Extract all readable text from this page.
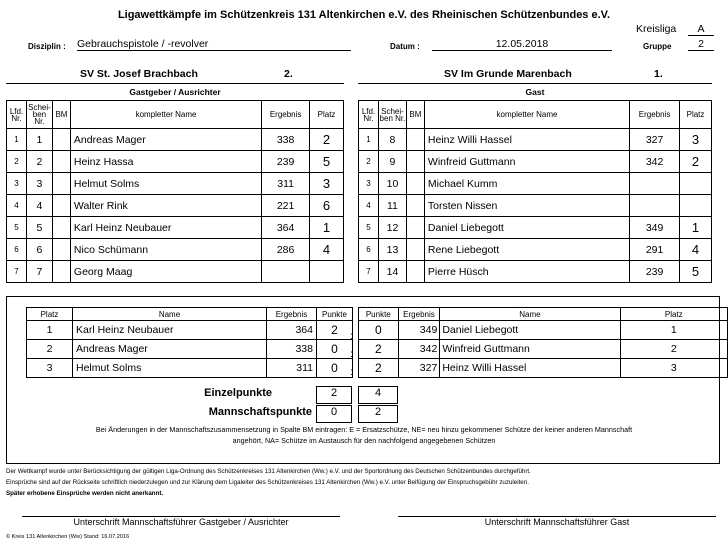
Ligawettkämpfe im Schützenkreis 131 Altenkirchen e.V. des Rheinischen Schützenbundes e.V.
Kreisliga	A
Disziplin : Gebrauchspistole / -revolver	Datum :	12.05.2018	Gruppe	2
SV St. Josef Brachbach	2.
Gastgeber / Ausrichter
SV Im Grunde Marenbach	1.
Gast
Lfd. Nr.	Schei-ben Nr.	BM	kompletter Name	Ergebnis	Platz
1	1		Andreas Mager	338	2
2	2		Heinz Hassa	239	5
3	3		Helmut Solms	311	3
4	4		Walter Rink	221	6
5	5		Karl Heinz Neubauer	364	1
6	6		Nico Schümann	286	4
7	7		Georg Maag		
Lfd. Nr.	Schei-ben Nr.	BM	kompletter Name	Ergebnis	Platz
1	8		Heinz Willi Hassel	327	3
2	9		Winfreid Guttmann	342	2
3	10		Michael Kumm		
4	11		Torsten Nissen		
5	12		Daniel Liebegott	349	1
6	13		Rene Liebegott	291	4
7	14		Pierre Hüsch	239	5
Platz	Name	Ergebnis	Punkte
1	Karl Heinz Neubauer	364	2
2	Andreas Mager	338	0
3	Helmut Solms	311	0
Punkte	Ergebnis	Name	Platz
0	349	Daniel Liebegott	1
2	342	Winfreid Guttmann	2
2	327	Heinz Willi Hassel	3
:
:
:
:
:
Einzelpunkte	2	4
Mannschaftspunkte	0	2
Bei Änderungen in der Mannschaftszusammensetzung in Spalte BM eintragen: E = Ersatzschütze, NE= neu hinzu gekommener Schütze der keiner anderen Mannschaft
angehört, NA= Schütze im Austausch für den nachfolgend angegebenen Schützen
Der Wettkampf wurde unter Berücksichtigung der gültigen Liga-Ordnung des Schützenkreises 131 Altenkirchen (Ww.) e.V. und der Sportordnung des Deutschen Schützenbundes durchgeführt.
Einsprüche sind auf der Rückseite schriftlich niederzulegen und zur Klärung dem Ligaleiter des Schützenkreises 131 Altenkirchen (Ww.) e.V. unter Beifügung der Einspruchsgebühr zuzuleiten.
Später erhobene Einsprüche werden nicht anerkannt.
Unterschrift Mannschaftsführer Gastgeber / Ausrichter	Unterschrift Mannschaftsführer Gast
© Kreis 131 Altenkirchen (Ww) Stand: 16.07.2016
